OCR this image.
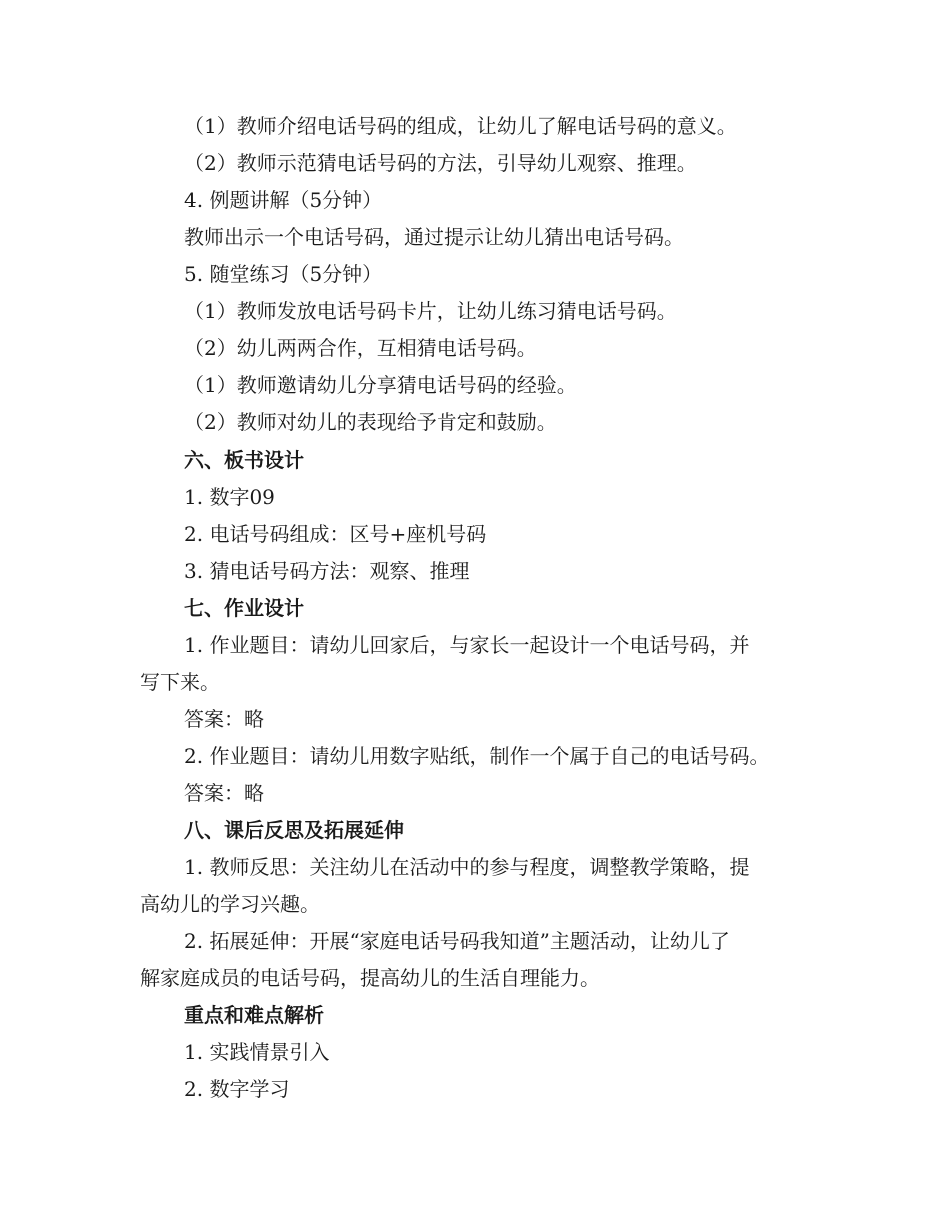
（1）教师介绍电话号码的组成，让幼儿了解电话号码的意义。
（2）教师示范猜电话号码的方法，引导幼儿观察、推理。
4. 例题讲解（5分钟）
教师出示一个电话号码，通过提示让幼儿猜出电话号码。
5. 随堂练习（5分钟）
（1）教师发放电话号码卡片，让幼儿练习猜电话号码。
（2）幼儿两两合作，互相猜电话号码。
（1）教师邀请幼儿分享猜电话号码的经验。
（2）教师对幼儿的表现给予肯定和鼓励。
六、板书设计
1. 数字09
2. 电话号码组成：区号+座机号码
3. 猜电话号码方法：观察、推理
七、作业设计
1. 作业题目：请幼儿回家后，与家长一起设计一个电话号码，并
写下来。
答案：略
2. 作业题目：请幼儿用数字贴纸，制作一个属于自己的电话号码。
答案：略
八、课后反思及拓展延伸
1. 教师反思：关注幼儿在活动中的参与程度，调整教学策略，提
高幼儿的学习兴趣。
2. 拓展延伸：开展“家庭电话号码我知道”主题活动，让幼儿了
解家庭成员的电话号码，提高幼儿的生活自理能力。
重点和难点解析
1. 实践情景引入
2. 数字学习
